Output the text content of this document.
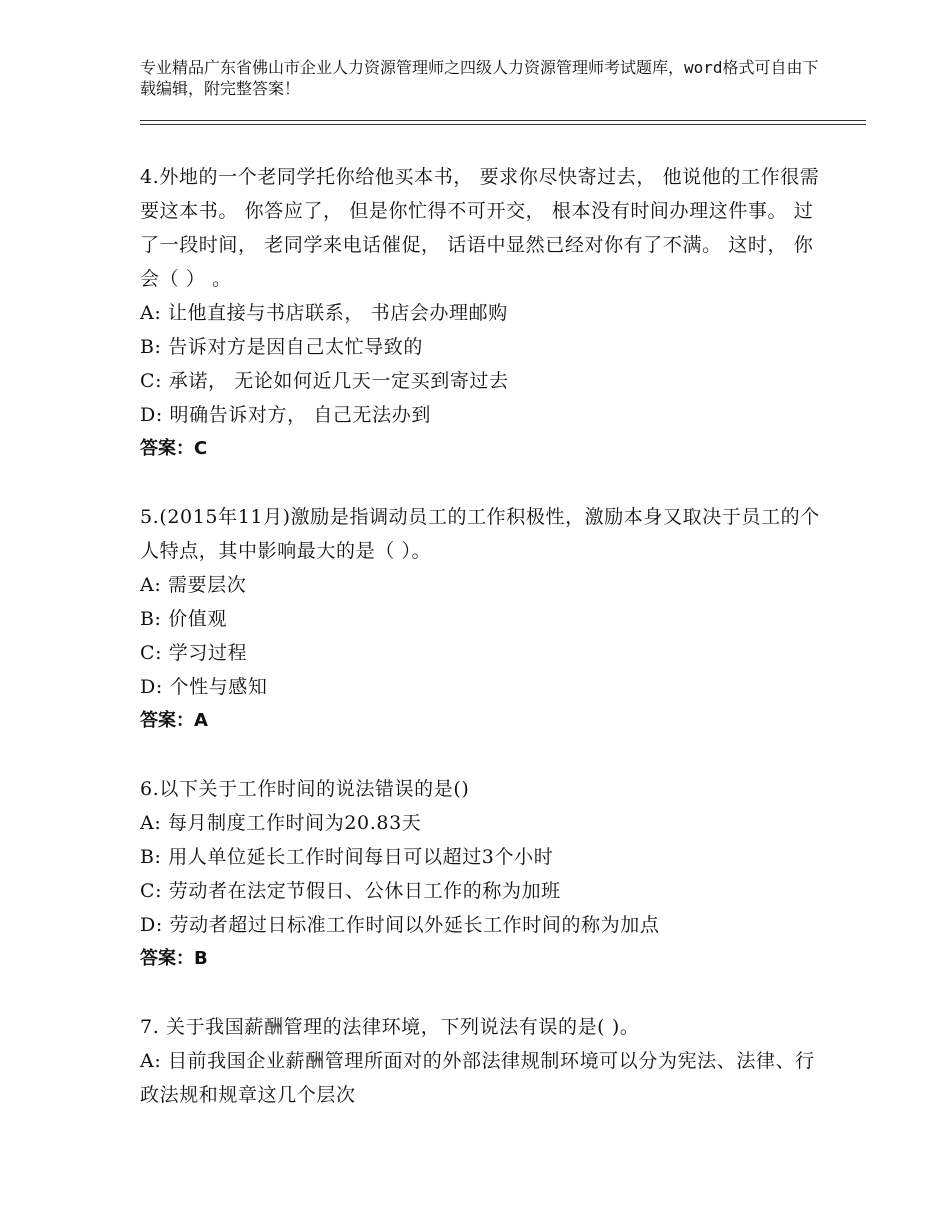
专业精品广东省佛山市企业人力资源管理师之四级人力资源管理师考试题库，word格式可自由下载编辑，附完整答案！
4.外地的一个老同学托你给他买本书， 要求你尽快寄过去， 他说他的工作很需要这本书。 你答应了， 但是你忙得不可开交， 根本没有时间办理这件事。 过了一段时间， 老同学来电话催促， 话语中显然已经对你有了不满。 这时， 你会（ ） 。
A: 让他直接与书店联系， 书店会办理邮购
B: 告诉对方是因自己太忙导致的
C: 承诺， 无论如何近几天一定买到寄过去
D: 明确告诉对方， 自己无法办到
答案：C
5.(2015年11月)激励是指调动员工的工作积极性，激励本身又取决于员工的个人特点，其中影响最大的是（ ）。
A: 需要层次
B: 价值观
C: 学习过程
D: 个性与感知
答案：A
6.以下关于工作时间的说法错误的是()
A: 每月制度工作时间为20.83天
B: 用人单位延长工作时间每日可以超过3个小时
C: 劳动者在法定节假日、公休日工作的称为加班
D: 劳动者超过日标准工作时间以外延长工作时间的称为加点
答案：B
7. 关于我国薪酬管理的法律环境，下列说法有误的是( )。
A: 目前我国企业薪酬管理所面对的外部法律规制环境可以分为宪法、法律、行政法规和规章这几个层次
